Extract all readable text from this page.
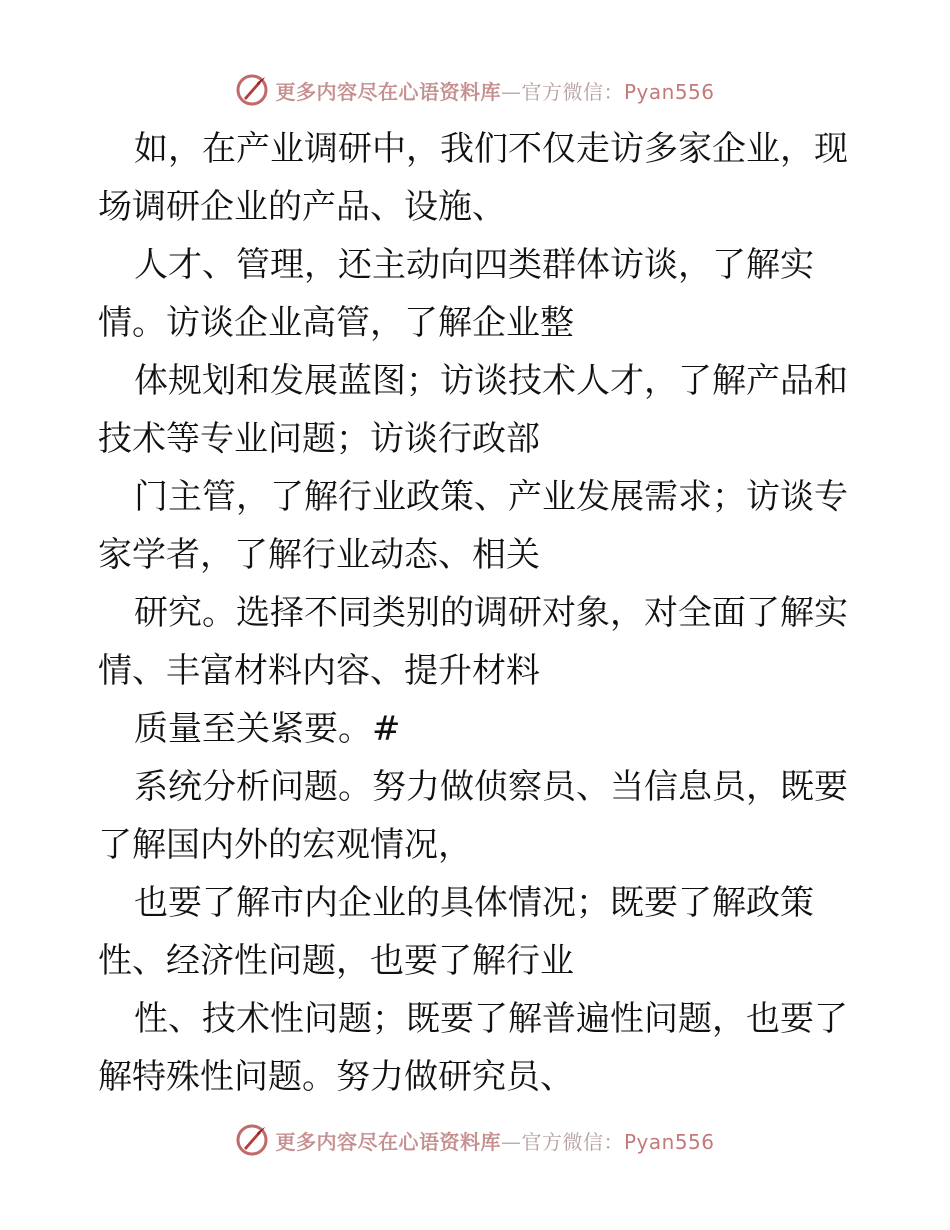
更多内容尽在心语资料库—官方微信：Pyan556

如，在产业调研中，我们不仅走访多家企业，现
场调研企业的产品、设施、
人才、管理，还主动向四类群体访谈，了解实
情。访谈企业高管，了解企业整
体规划和发展蓝图；访谈技术人才，了解产品和
技术等专业问题；访谈行政部
门主管，了解行业政策、产业发展需求；访谈专
家学者，了解行业动态、相关
研究。选择不同类别的调研对象，对全面了解实
情、丰富材料内容、提升材料
质量至关紧要。#
系统分析问题。努力做侦察员、当信息员，既要
了解国内外的宏观情况，
也要了解市内企业的具体情况；既要了解政策
性、经济性问题，也要了解行业
性、技术性问题；既要了解普遍性问题，也要了
解特殊性问题。努力做研究员、

更多内容尽在心语资料库—官方微信：Pyan556
